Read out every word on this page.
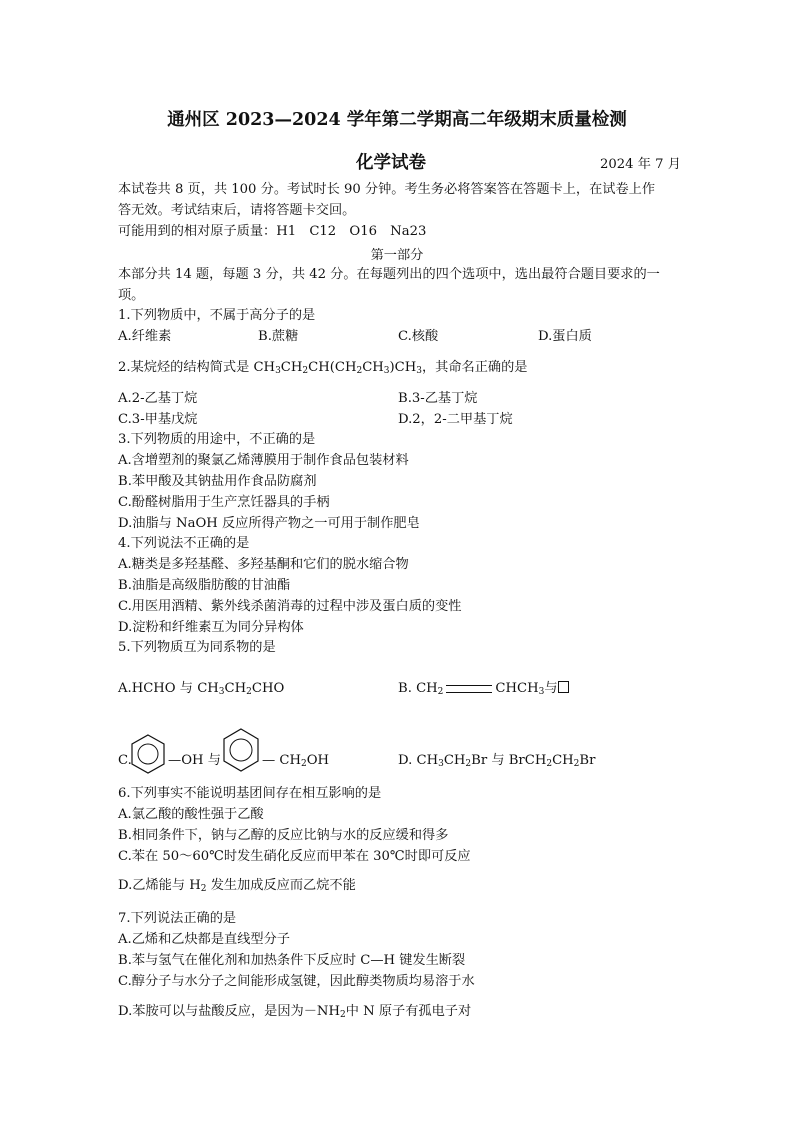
通州区 2023—2024 学年第二学期高二年级期末质量检测
化学试卷	2024 年 7 月
本试卷共 8 页，共 100 分。考试时长 90 分钟。考生务必将答案答在答题卡上，在试卷上作
答无效。考试结束后，请将答题卡交回。
可能用到的相对原子质量：H1　C12　O16　Na23
第一部分
本部分共 14 题，每题 3 分，共 42 分。在每题列出的四个选项中，选出最符合题目要求的一
项。
1.下列物质中，不属于高分子的是
A.纤维素	B.蔗糖	C.核酸	D.蛋白质
2.某烷烃的结构简式是 $CH_3CH_2CH(CH_2CH_3)CH_3$，其命名正确的是
A.2-乙基丁烷	B.3-乙基丁烷
C.3-甲基戊烷	D.2，2-二甲基丁烷
3.下列物质的用途中，不正确的是
A.含增塑剂的聚氯乙烯薄膜用于制作食品包装材料
B.苯甲酸及其钠盐用作食品防腐剂
C.酚醛树脂用于生产烹饪器具的手柄
D.油脂与 NaOH 反应所得产物之一可用于制作肥皂
4.下列说法不正确的是
A.糖类是多羟基醛、多羟基酮和它们的脱水缩合物
B.油脂是高级脂肪酸的甘油酯
C.用医用酒精、紫外线杀菌消毒的过程中涉及蛋白质的变性
D.淀粉和纤维素互为同分异构体
5.下列物质互为同系物的是
A.HCHO 与 $CH_3CH_2CHO$	B. $CH_2$	$CHCH_3$与
C.	—OH 与	— $CH_2OH$	D. $CH_3CH_2Br$ 与 $BrCH_2CH_2Br$
6.下列事实不能说明基团间存在相互影响的是
A.氯乙酸的酸性强于乙酸
B.相同条件下，钠与乙醇的反应比钠与水的反应缓和得多
C.苯在 50～60℃时发生硝化反应而甲苯在 30℃时即可反应
D.乙烯能与 $H_2$ 发生加成反应而乙烷不能
7.下列说法正确的是
A.乙烯和乙炔都是直线型分子
B.苯与氢气在催化剂和加热条件下反应时 C—H 键发生断裂
C.醇分子与水分子之间能形成氢键，因此醇类物质均易溶于水
D.苯胺可以与盐酸反应，是因为$-NH_2$中 N 原子有孤电子对
